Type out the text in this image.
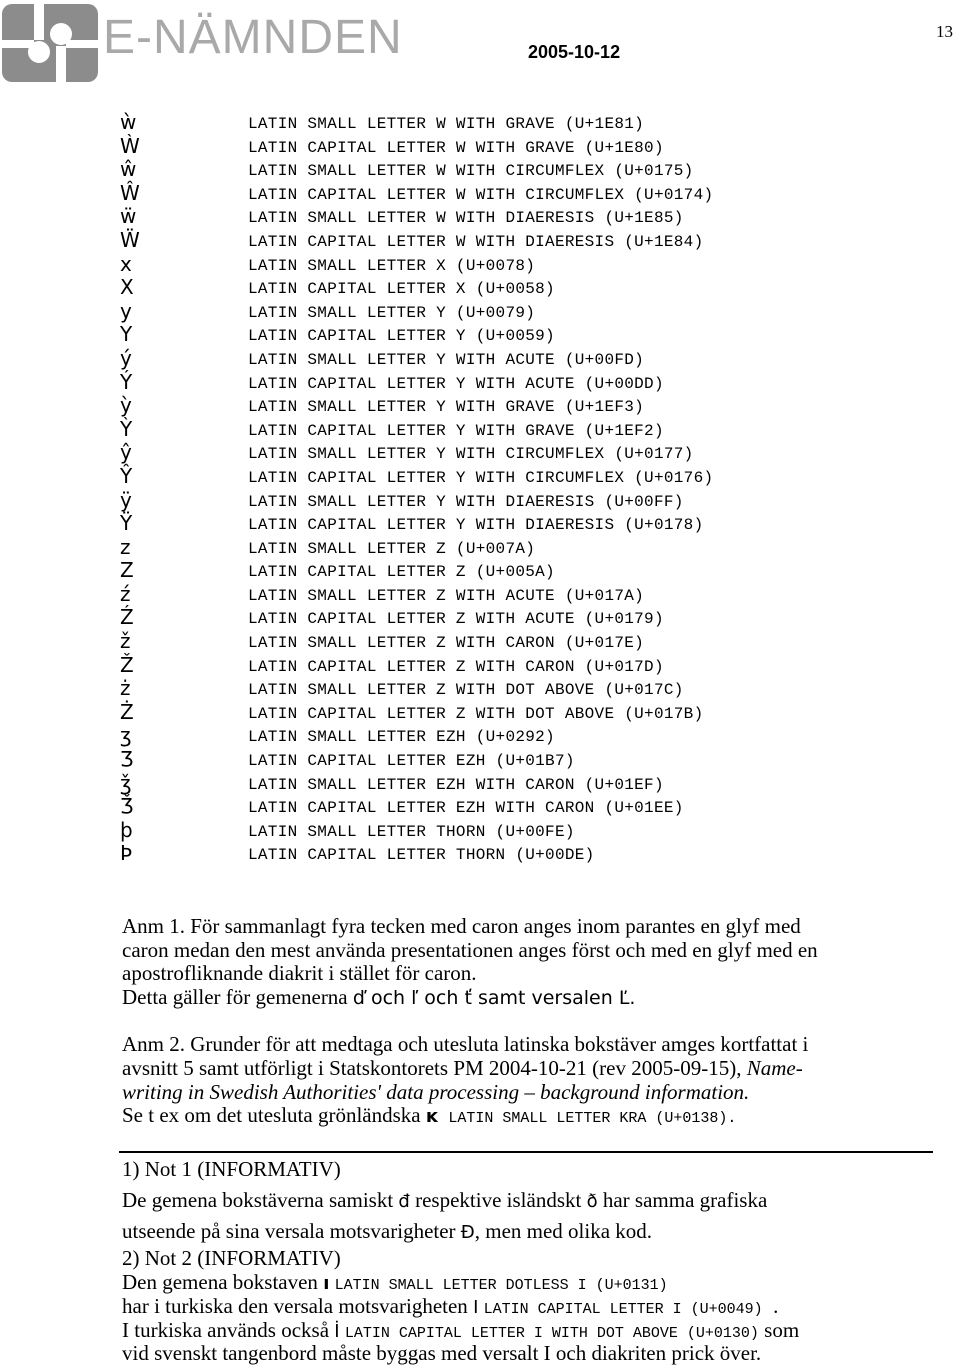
E-NÄMNDEN	2005-10-12
13
ẁ	LATIN SMALL LETTER W WITH GRAVE (U+1E81)
Ẁ	LATIN CAPITAL LETTER W WITH GRAVE (U+1E80)
ŵ	LATIN SMALL LETTER W WITH CIRCUMFLEX (U+0175)
Ŵ	LATIN CAPITAL LETTER W WITH CIRCUMFLEX (U+0174)
ẅ	LATIN SMALL LETTER W WITH DIAERESIS (U+1E85)
Ẅ	LATIN CAPITAL LETTER W WITH DIAERESIS (U+1E84)
x	LATIN SMALL LETTER X (U+0078)
X	LATIN CAPITAL LETTER X (U+0058)
y	LATIN SMALL LETTER Y (U+0079)
Y	LATIN CAPITAL LETTER Y (U+0059)
ý	LATIN SMALL LETTER Y WITH ACUTE (U+00FD)
Ý	LATIN CAPITAL LETTER Y WITH ACUTE (U+00DD)
ỳ	LATIN SMALL LETTER Y WITH GRAVE (U+1EF3)
Ỳ	LATIN CAPITAL LETTER Y WITH GRAVE (U+1EF2)
ŷ	LATIN SMALL LETTER Y WITH CIRCUMFLEX (U+0177)
Ŷ	LATIN CAPITAL LETTER Y WITH CIRCUMFLEX (U+0176)
ÿ	LATIN SMALL LETTER Y WITH DIAERESIS (U+00FF)
Ÿ	LATIN CAPITAL LETTER Y WITH DIAERESIS (U+0178)
z	LATIN SMALL LETTER Z (U+007A)
Z	LATIN CAPITAL LETTER Z (U+005A)
ź	LATIN SMALL LETTER Z WITH ACUTE (U+017A)
Ź	LATIN CAPITAL LETTER Z WITH ACUTE (U+0179)
ž	LATIN SMALL LETTER Z WITH CARON (U+017E)
Ž	LATIN CAPITAL LETTER Z WITH CARON (U+017D)
ż	LATIN SMALL LETTER Z WITH DOT ABOVE (U+017C)
Ż	LATIN CAPITAL LETTER Z WITH DOT ABOVE (U+017B)
ʒ	LATIN SMALL LETTER EZH (U+0292)
Ʒ	LATIN CAPITAL LETTER EZH (U+01B7)
ǯ	LATIN SMALL LETTER EZH WITH CARON (U+01EF)
Ǯ	LATIN CAPITAL LETTER EZH WITH CARON (U+01EE)
þ	LATIN SMALL LETTER THORN (U+00FE)
Þ	LATIN CAPITAL LETTER THORN (U+00DE)
Anm 1. För sammanlagt fyra tecken med caron anges inom parantes en glyf med
caron medan den mest använda presentationen anges först och med en glyf med en
apostrofliknande diakrit i stället för caron.
Detta gäller för gemenerna ď och ľ och ť samt versalen Ľ.
Anm 2. Grunder för att medtaga och utesluta latinska bokstäver amges kortfattat i
avsnitt 5 samt utförligt i Statskontorets PM 2004-10-21 (rev 2005-09-15), Name-
writing in Swedish Authorities' data processing – background information.
Se t ex om det utesluta grönländska ĸ LATIN SMALL LETTER KRA (U+0138).
1) Not 1 (INFORMATIV)
De gemena bokstäverna samiskt đ respektive isländskt ð har samma grafiska
utseende på sina versala motsvarigheter Đ, men med olika kod.
2) Not 2 (INFORMATIV)
Den gemena bokstaven ı LATIN SMALL LETTER DOTLESS I (U+0131)
har i turkiska den versala motsvarigheten I LATIN CAPITAL LETTER I (U+0049) .
I turkiska används också İ LATIN CAPITAL LETTER I WITH DOT ABOVE (U+0130) som
vid svenskt tangenbord måste byggas med versalt I och diakriten prick över.
